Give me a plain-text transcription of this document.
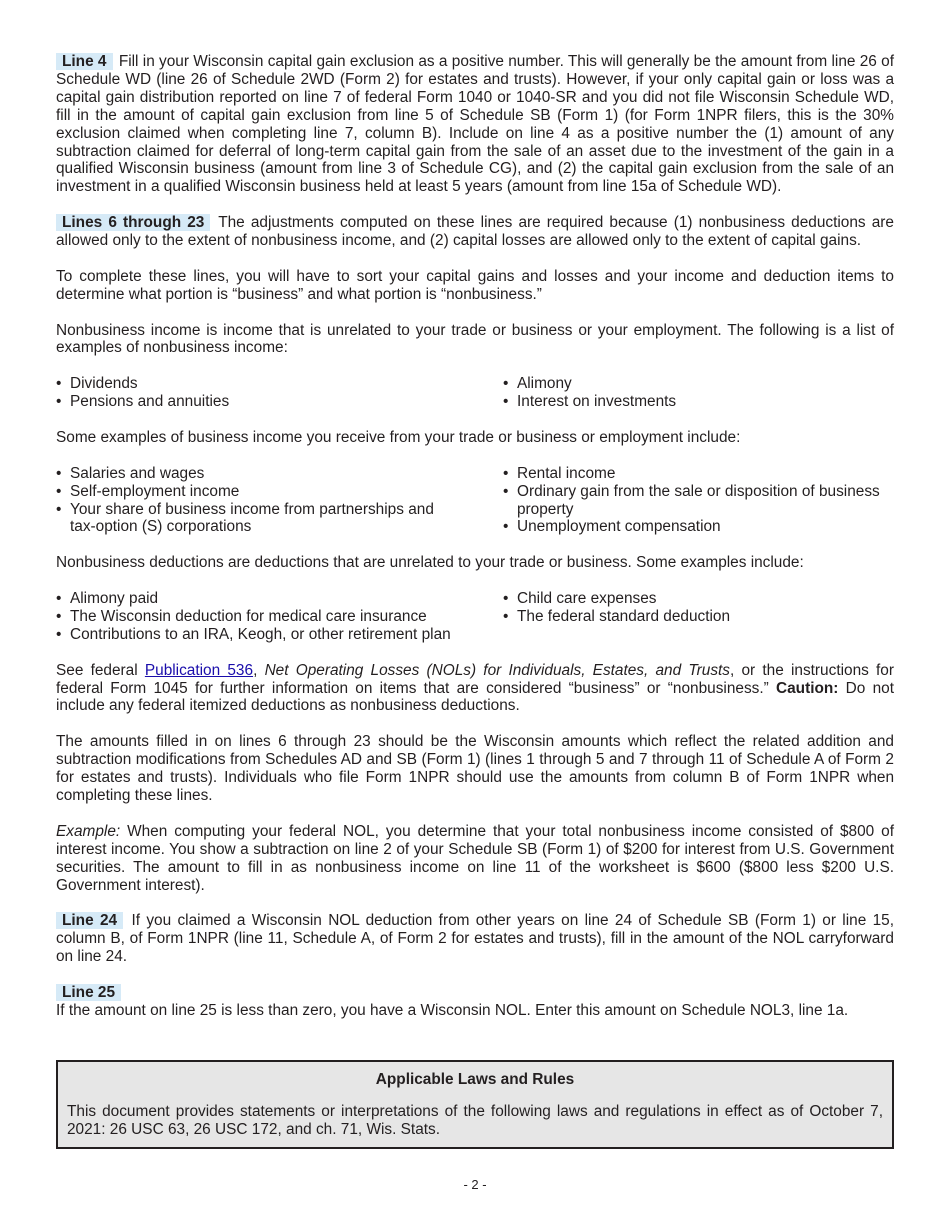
Line 4 Fill in your Wisconsin capital gain exclusion as a positive number. This will generally be the amount from line 26 of Schedule WD (line 26 of Schedule 2WD (Form 2) for estates and trusts). However, if your only capital gain or loss was a capital gain distribution reported on line 7 of federal Form 1040 or 1040-SR and you did not file Wisconsin Schedule WD, fill in the amount of capital gain exclusion from line 5 of Schedule SB (Form 1) (for Form 1NPR filers, this is the 30% exclusion claimed when completing line 7, column B). Include on line 4 as a positive number the (1) amount of any subtraction claimed for deferral of long-term capital gain from the sale of an asset due to the investment of the gain in a qualified Wisconsin business (amount from line 3 of Schedule CG), and (2) the capital gain exclusion from the sale of an investment in a qualified Wisconsin business held at least 5 years (amount from line 15a of Schedule WD).

Lines 6 through 23 The adjustments computed on these lines are required because (1) nonbusiness deductions are allowed only to the extent of nonbusiness income, and (2) capital losses are allowed only to the extent of capital gains.

To complete these lines, you will have to sort your capital gains and losses and your income and deduction items to determine what portion is “business” and what portion is “nonbusiness.”

Nonbusiness income is income that is unrelated to your trade or business or your employment. The following is a list of examples of nonbusiness income:

• Dividends
• Pensions and annuities
• Alimony
• Interest on investments

Some examples of business income you receive from your trade or business or employment include:

• Salaries and wages
• Self-employment income
• Your share of business income from partnerships and tax-option (S) corporations
• Rental income
• Ordinary gain from the sale or disposition of business property
• Unemployment compensation

Nonbusiness deductions are deductions that are unrelated to your trade or business. Some examples include:

• Alimony paid
• The Wisconsin deduction for medical care insurance
• Contributions to an IRA, Keogh, or other retirement plan
• Child care expenses
• The federal standard deduction

See federal Publication 536, Net Operating Losses (NOLs) for Individuals, Estates, and Trusts, or the instructions for federal Form 1045 for further information on items that are considered “business” or “nonbusiness.” Caution: Do not include any federal itemized deductions as nonbusiness deductions.

The amounts filled in on lines 6 through 23 should be the Wisconsin amounts which reflect the related addition and subtraction modifications from Schedules AD and SB (Form 1) (lines 1 through 5 and 7 through 11 of Schedule A of Form 2 for estates and trusts). Individuals who file Form 1NPR should use the amounts from column B of Form 1NPR when completing these lines.

Example: When computing your federal NOL, you determine that your total nonbusiness income consisted of $800 of interest income. You show a subtraction on line 2 of your Schedule SB (Form 1) of $200 for interest from U.S. Government securities. The amount to fill in as nonbusiness income on line 11 of the worksheet is $600 ($800 less $200 U.S. Government interest).

Line 24 If you claimed a Wisconsin NOL deduction from other years on line 24 of Schedule SB (Form 1) or line 15, column B, of Form 1NPR (line 11, Schedule A, of Form 2 for estates and trusts), fill in the amount of the NOL carryforward on line 24.

Line 25
If the amount on line 25 is less than zero, you have a Wisconsin NOL. Enter this amount on Schedule NOL3, line 1a.

Applicable Laws and Rules

This document provides statements or interpretations of the following laws and regulations in effect as of October 7, 2021: 26 USC 63, 26 USC 172, and ch. 71, Wis. Stats.

- 2 -
